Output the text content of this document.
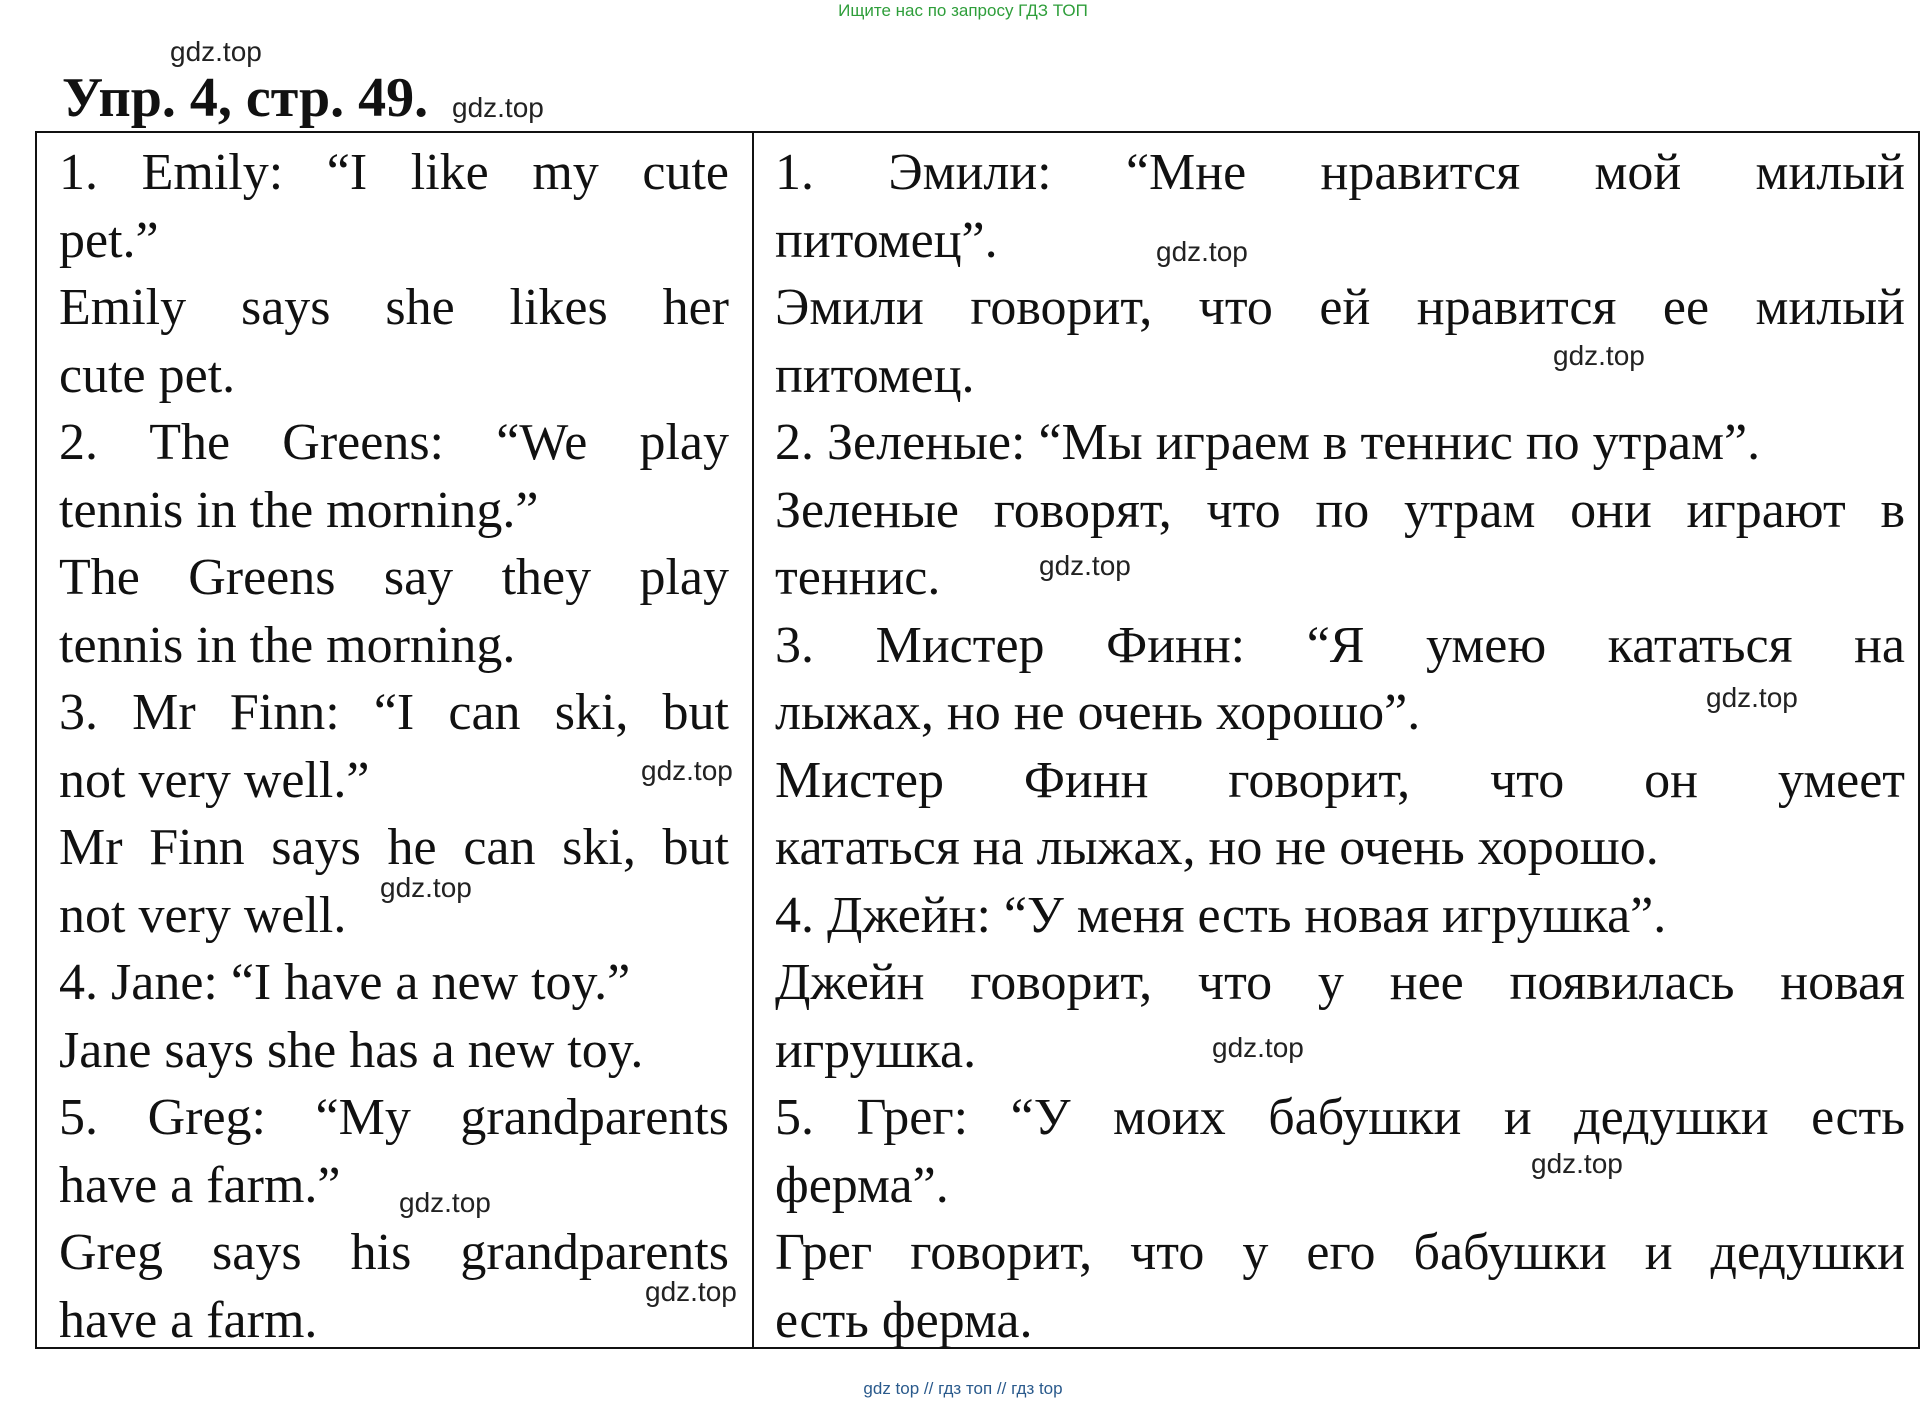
Ищите нас по запросу ГДЗ ТОП
gdz.top
Упр. 4, стр. 49. gdz.top
1. Emily: “I like my cute
pet.”
Emily says she likes her
cute pet.
2. The Greens: “We play
tennis in the morning.”
The Greens say they play
tennis in the morning.
3. Mr Finn: “I can ski, but
not very well.”
Mr Finn says he can ski, but
not very well.
4. Jane: “I have a new toy.”
Jane says she has a new toy.
5. Greg: “My grandparents
have a farm.”
Greg says his grandparents
have a farm.
1. Эмили: “Мне нравится мой милый
питомец”.
Эмили говорит, что ей нравится ее милый
питомец.
2. Зеленые: “Мы играем в теннис по утрам”.
Зеленые говорят, что по утрам они играют в
теннис.
3. Мистер Финн: “Я умею кататься на
лыжах, но не очень хорошо”.
Мистер Финн говорит, что он умеет
кататься на лыжах, но не очень хорошо.
4. Джейн: “У меня есть новая игрушка”.
Джейн говорит, что у нее появилась новая
игрушка.
5. Грег: “У моих бабушки и дедушки есть
ферма”.
Грег говорит, что у его бабушки и дедушки
есть ферма.
gdz.top
gdz.top
gdz.top
gdz.top
gdz.top
gdz.top
gdz.top
gdz.top
gdz.top
gdz.top
gdz top // гдз топ // гдз top
